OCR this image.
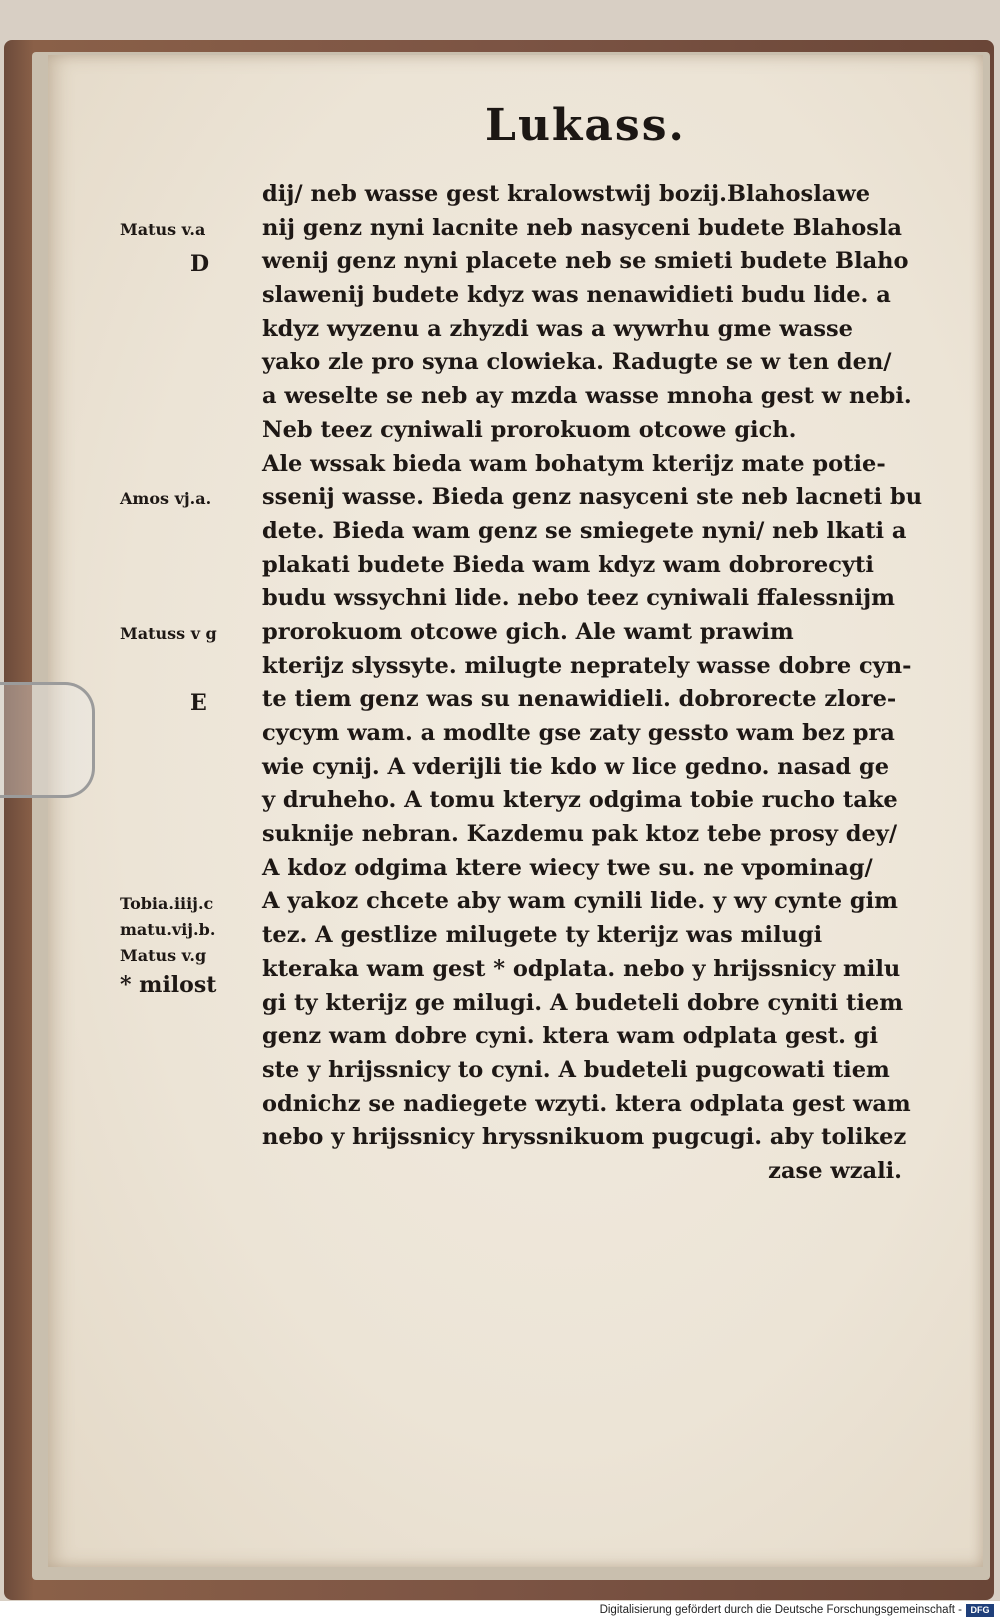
Lukass.
dij/ neb wasse gest kralowstwij bozij.Blahoslawe
nij genz nyni lacnite neb nasyceni budete Blahosla
wenij genz nyni placete neb se smieti budete Blaho
slawenij budete kdyz was nenawidieti budu lide. a
kdyz wyzenu a zhyzdi was a wywrhu gme wasse
yako zle pro syna clowieka. Radugte se w ten den/
a weselte se neb ay mzda wasse mnoha gest w nebi.
Neb teez cyniwali prorokuom otcowe gich.
Ale wssak bieda wam bohatym kterijz mate potie-
ssenij wasse. Bieda genz nasyceni ste neb lacneti bu
dete. Bieda wam genz se smiegete nyni/ neb lkati a
plakati budete Bieda wam kdyz wam dobrorecyti
budu wssychni lide. nebo teez cyniwali ffalessnijm
prorokuom otcowe gich. Ale wamt prawim
kterijz slyssyte. milugte neprately wasse dobre cyn-
te tiem genz was su nenawidieli. dobrorecte zlore-
cycym wam. a modlte gse zaty gessto wam bez pra
wie cynij. A vderijli tie kdo w lice gedno. nasad ge
y druheho. A tomu kteryz odgima tobie rucho take
suknije nebran. Kazdemu pak ktoz tebe prosy dey/
A kdoz odgima ktere wiecy twe su. ne vpominag/
A yakoz chcete aby wam cynili lide. y wy cynte gim
tez. A gestlize milugete ty kterijz was milugi
kteraka wam gest * odplata. nebo y hrijssnicy milu
gi ty kterijz ge milugi. A budeteli dobre cyniti tiem
genz wam dobre cyni. ktera wam odplata gest. gi
ste y hrijssnicy to cyni. A budeteli pugcowati tiem
odnichz se nadiegete wzyti. ktera odplata gest wam
nebo y hrijssnicy hryssnikuom pugcugi. aby tolikez
zase wzali.
Matus v.a
D
Amos vj.a.
Matuss v g
E
Tobia.iiij.c
matu.vij.b.
Matus v.g
* milost
Digitalisierung gefördert durch die Deutsche Forschungsgemeinschaft - DFG
